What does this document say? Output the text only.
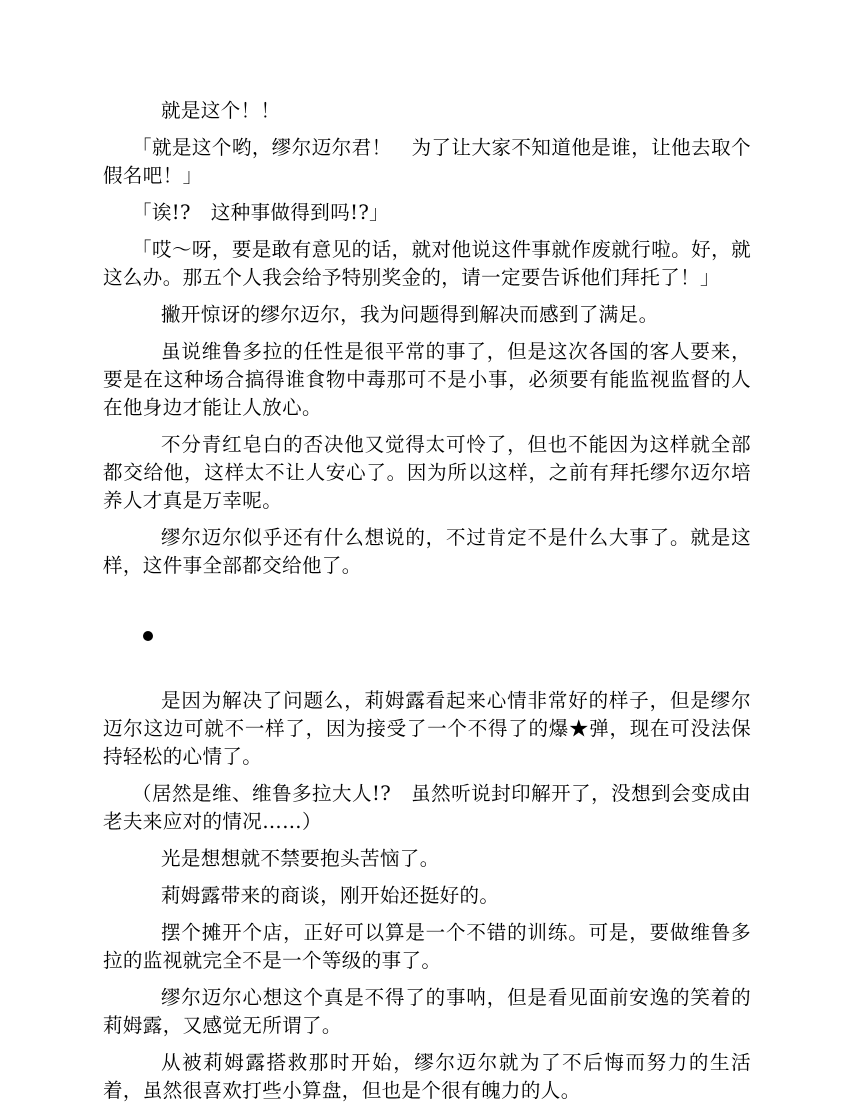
就是这个！！

「就是这个哟，缪尔迈尔君！　为了让大家不知道他是谁，让他去取个假名吧！」

「诶!?　这种事做得到吗!?」

「哎～呀，要是敢有意见的话，就对他说这件事就作废就行啦。好，就这么办。那五个人我会给予特别奖金的，请一定要告诉他们拜托了！」

撇开惊讶的缪尔迈尔，我为问题得到解决而感到了满足。

虽说维鲁多拉的任性是很平常的事了，但是这次各国的客人要来，要是在这种场合搞得谁食物中毒那可不是小事，必须要有能监视监督的人在他身边才能让人放心。

不分青红皂白的否决他又觉得太可怜了，但也不能因为这样就全部都交给他，这样太不让人安心了。因为所以这样，之前有拜托缪尔迈尔培养人才真是万幸呢。

缪尔迈尔似乎还有什么想说的，不过肯定不是什么大事了。就是这样，这件事全部都交给他了。

是因为解决了问题么，莉姆露看起来心情非常好的样子，但是缪尔迈尔这边可就不一样了，因为接受了一个不得了的爆★弹，现在可没法保持轻松的心情了。

（居然是维、维鲁多拉大人!?　虽然听说封印解开了，没想到会变成由老夫来应对的情况……）

光是想想就不禁要抱头苦恼了。

莉姆露带来的商谈，刚开始还挺好的。

摆个摊开个店，正好可以算是一个不错的训练。可是，要做维鲁多拉的监视就完全不是一个等级的事了。

缪尔迈尔心想这个真是不得了的事呐，但是看见面前安逸的笑着的莉姆露，又感觉无所谓了。

从被莉姆露搭救那时开始，缪尔迈尔就为了不后悔而努力的生活着，虽然很喜欢打些小算盘，但也是个很有魄力的人。
